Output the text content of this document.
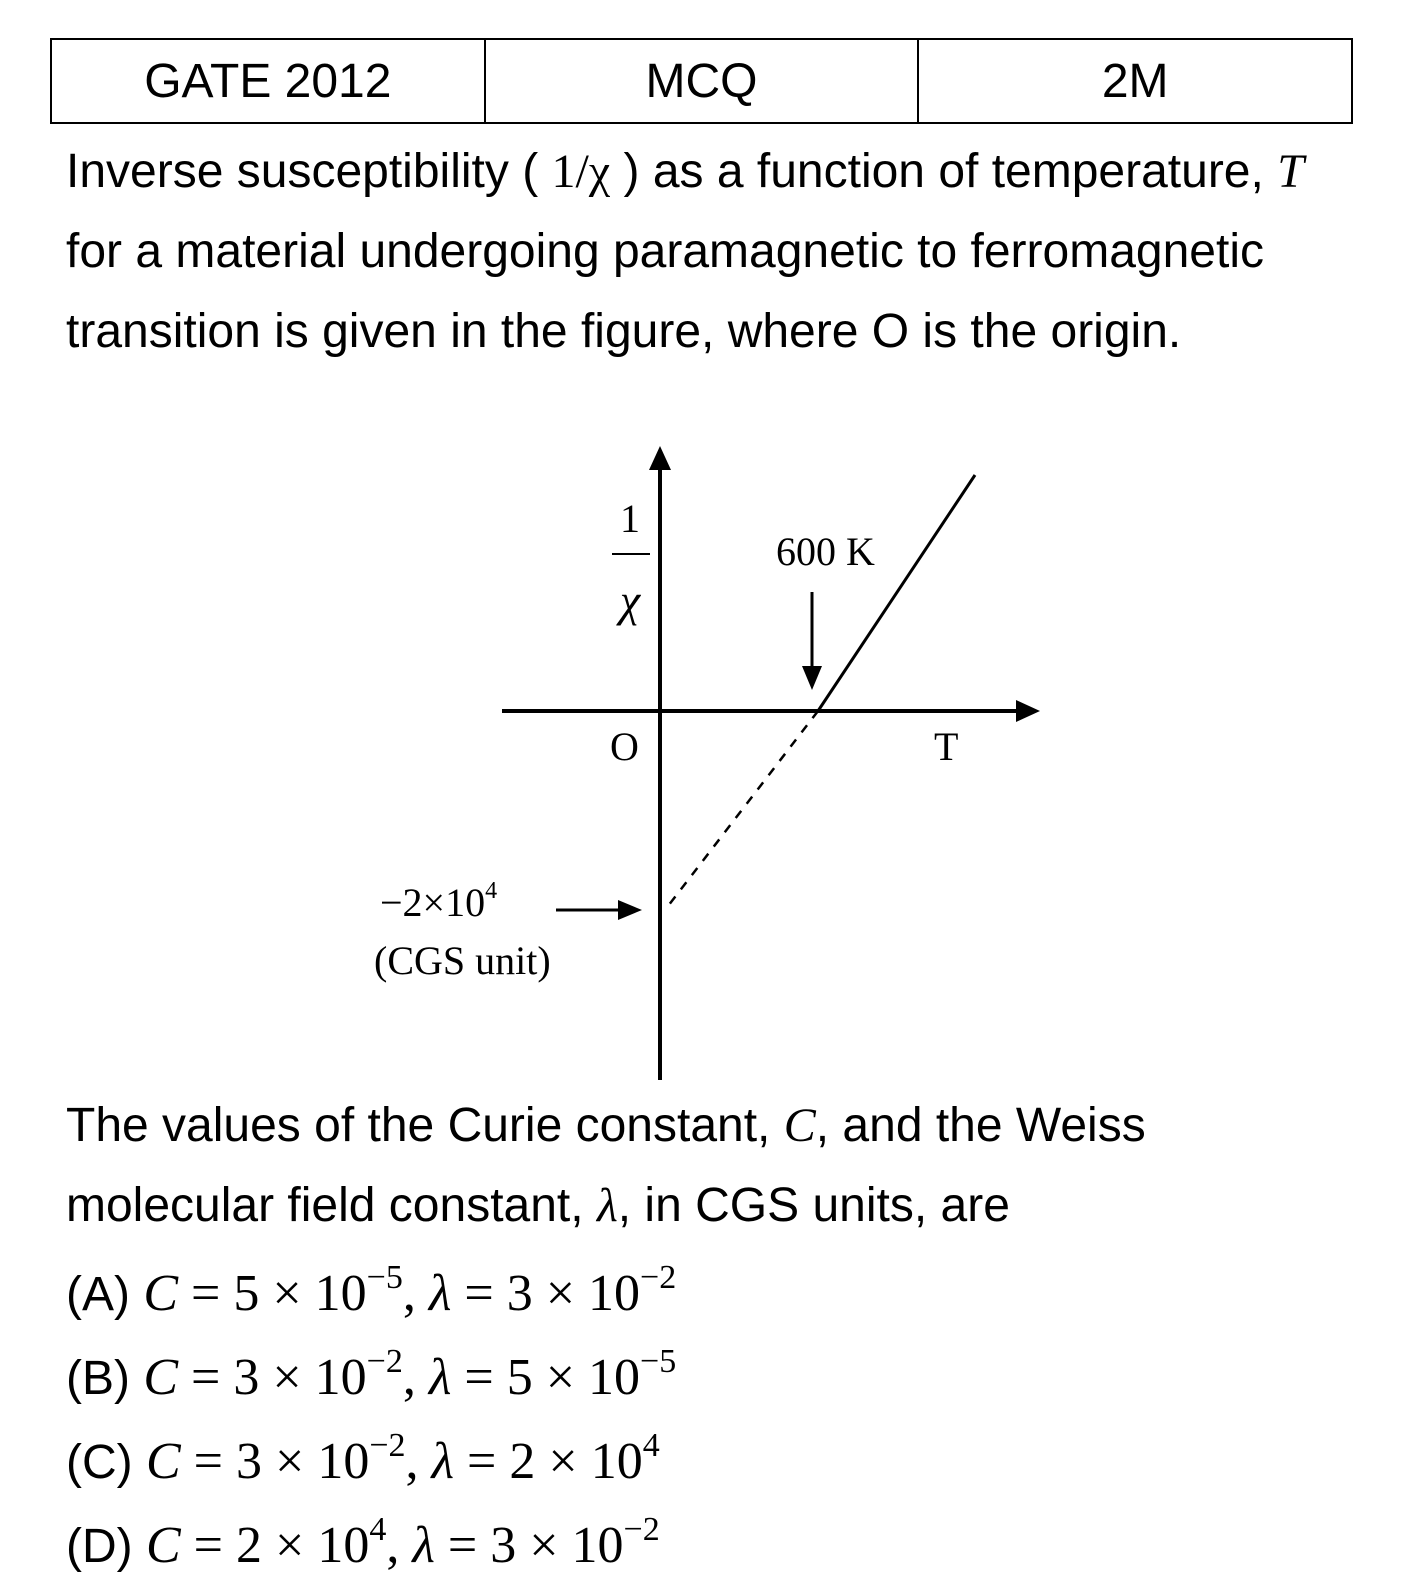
GATE 2012	MCQ	2M

Inverse susceptibility ( 1/χ ) as a function of temperature, T for a material undergoing paramagnetic to ferromagnetic transition is given in the figure, where O is the origin.

1
χ
600 K
O	T
$-2\times 10^4$
(CGS unit)

The values of the Curie constant, C, and the Weiss molecular field constant, λ, in CGS units, are

(A) $C = 5 \times 10^{-5}$, $\lambda = 3 \times 10^{-2}$
(B) $C = 3 \times 10^{-2}$, $\lambda = 5 \times 10^{-5}$
(C) $C = 3 \times 10^{-2}$, $\lambda = 2 \times 10^4$
(D) $C = 2 \times 10^4$, $\lambda = 3 \times 10^{-2}$
